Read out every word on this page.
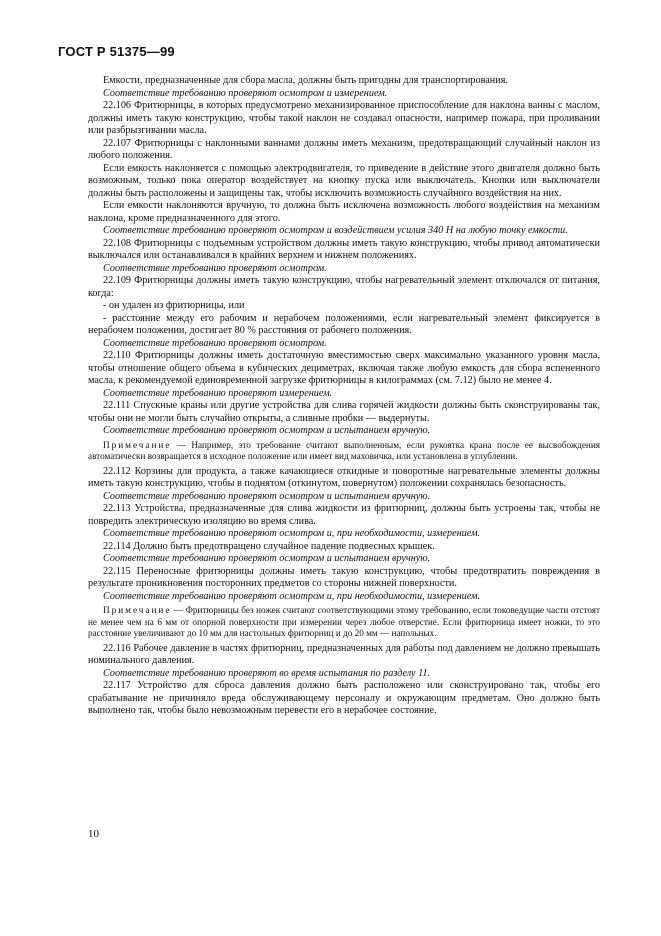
ГОСТ Р 51375—99

Емкости, предназначенные для сбора масла, должны быть пригодны для транспортирования.

Соответствие требованию проверяют осмотром и измерением.

22.106 Фритюрницы, в которых предусмотрено механизированное приспособление для наклона ванны с маслом, должны иметь такую конструкцию, чтобы такой наклон не создавал опасности, например пожара, при проливании или разбрызгивании масла.

22.107 Фритюрницы с наклонными ваннами должны иметь механизм, предотвращающий случайный наклон из любого положения.

Если емкость наклоняется с помощью электродвигателя, то приведение в действие этого двигателя должно быть возможным, только пока оператор воздействует на кнопку пуска или выключатель. Кнопки или выключатели должны быть расположены и защищены так, чтобы исключить возможность случайного воздействия на них.

Если емкости наклоняются вручную, то должна быть исключена возможность любого воздействия на механизм наклона, кроме предназначенного для этого.

Соответствие требованию проверяют осмотром и воздействием усилия 340 Н на любую точку емкости.

22.108 Фритюрницы с подъемным устройством должны иметь такую конструкцию, чтобы привод автоматически выключался или останавливался в крайних верхнем и нижнем положениях.

Соответствие требованию проверяют осмотром.

22.109 Фритюрницы должны иметь такую конструкцию, чтобы нагревательный элемент отключался от питания, когда:

- он удален из фритюрницы, или

- расстояние между его рабочим и нерабочем положениями, если нагревательный элемент фиксируется в нерабочем положении, достигает 80 % расстояния от рабочего положения.

Соответствие требованию проверяют осмотром.

22.110 Фритюрницы должны иметь достаточную вместимостью сверх максимально указанного уровня масла, чтобы отношение общего объема в кубических дециметрах, включая также любую емкость для сбора вспененного масла, к рекомендуемой единовременной загрузке фритюрницы в килограммах (см. 7.12) было не менее 4.

Соответствие требованию проверяют измерением.

22.111 Спускные краны или другие устройства для слива горячей жидкости должны быть сконструированы так, чтобы они не могли быть случайно открыты, а сливные пробки — выдернуты.

Соответствие требованию проверяют осмотром и испытанием вручную.

Примечание — Например, это требование считают выполненным, если рукоятка крана после ее высвобождения автоматически возвращается в исходное положение или имеет вид маховичка, или установлена в углублении.

22.112 Корзины для продукта, а также качающиеся откидные и поворотные нагревательные элементы должны иметь такую конструкцию, чтобы в поднятом (откинутом, повернутом) положении сохранялась безопасность.

Соответствие требованию проверяют осмотром и испытанием вручную.

22.113 Устройства, предназначенные для слива жидкости из фритюрниц, должны быть устроены так, чтобы не повредить электрическую изоляцию во время слива.

Соответствие требованию проверяют осмотром и, при необходимости, измерением.

22.114 Должно быть предотвращено случайное падение подвесных крышек.

Соответствие требованию проверяют осмотром и испытанием вручную.

22.115 Переносные фритюрницы должны иметь такую конструкцию, чтобы предотвратить повреждения в результате проникновения посторонних предметов со стороны нижней поверхности.

Соответствие требованию проверяют осмотром и, при необходимости, измерением.

Примечание — Фритюрницы без ножек считают соответствующими этому требованию, если токоведущие части отстоят не менее чем на 6 мм от опорной поверхности при измерении через любое отверстие. Если фритюрница имеет ножки, то это расстояние увеличивают до 10 мм для настольных фритюрниц и до 20 мм — напольных.

22.116 Рабочее давление в частях фритюрниц, предназначенных для работы под давлением не должно превышать номинального давления.

Соответствие требованию проверяют во время испытания по разделу 11.

22.117 Устройство для сброса давления должно быть расположено или сконструировано так, чтобы его срабатывание не причиняло вреда обслуживающему персоналу и окружающим предметам. Оно должно быть выполнено так, чтобы было невозможным перевести его в нерабочее состояние.

10
